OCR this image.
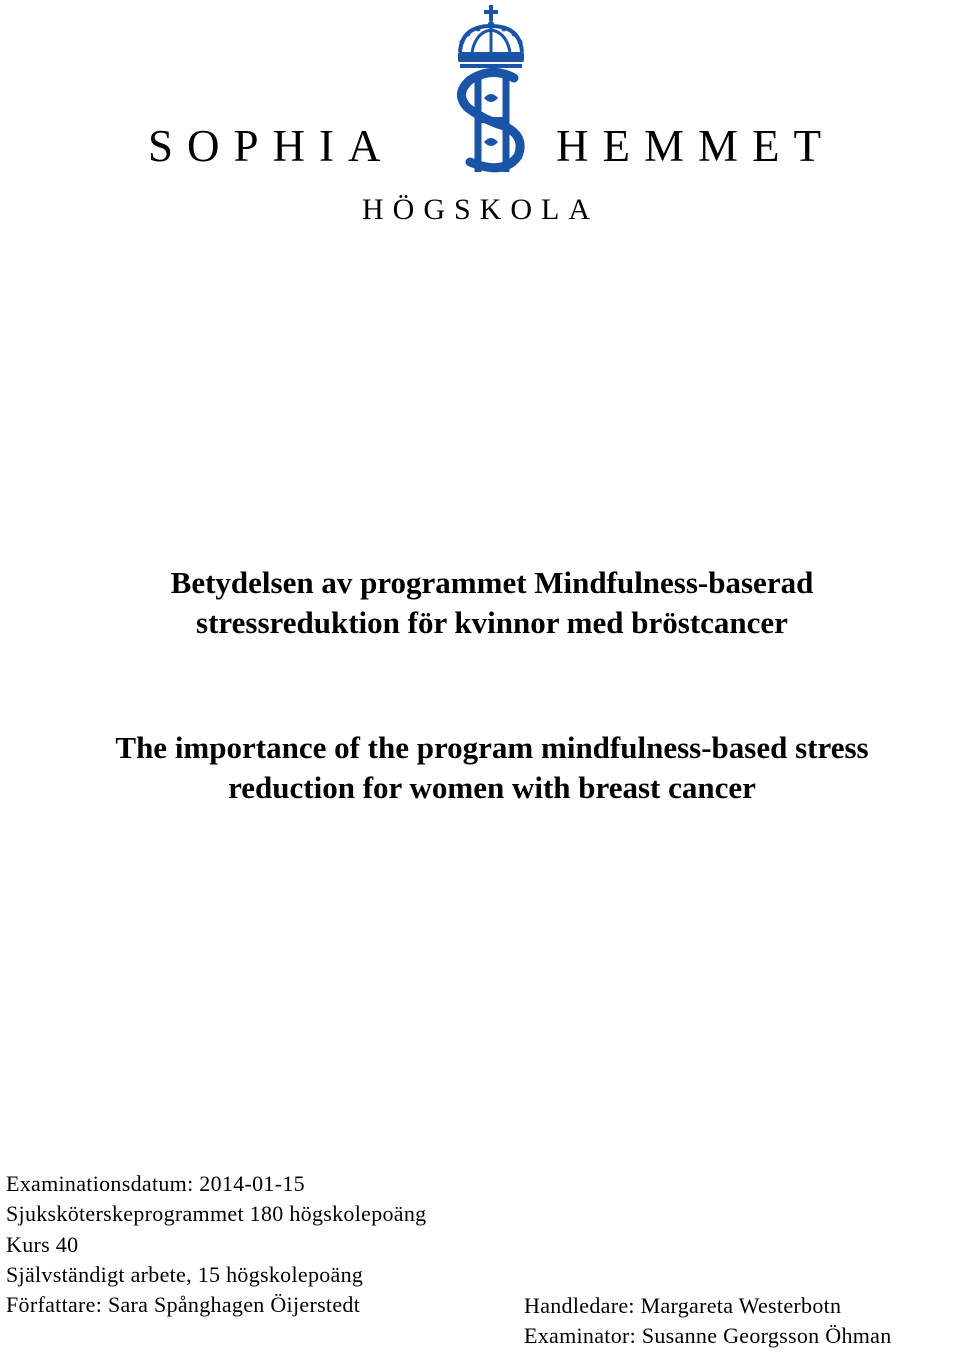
SOPHIA	HEMMET
HÖGSKOLA
Betydelsen av programmet Mindfulness-baserad
stressreduktion för kvinnor med bröstcancer
The importance of the program mindfulness-based stress
reduction for women with breast cancer
Examinationsdatum: 2014-01-15
Sjuksköterskeprogrammet 180 högskolepoäng
Kurs 40
Självständigt arbete, 15 högskolepoäng
Författare: Sara Spånghagen Öijerstedt	Handledare: Margareta Westerbotn
Examinator: Susanne Georgsson Öhman
